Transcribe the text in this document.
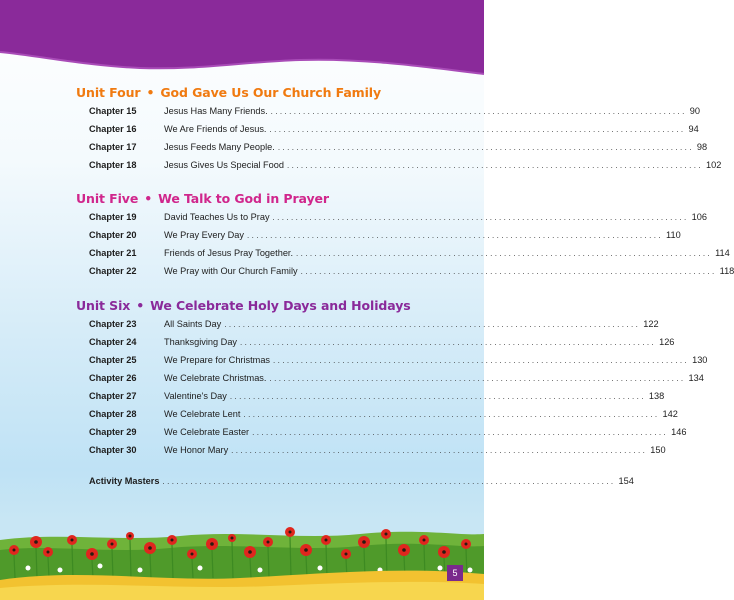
Unit Four • God Gave Us Our Church Family
Chapter 15	Jesus Has Many Friends. .......................................................................................... 90
Chapter 16	We Are Friends of Jesus. .......................................................................................... 94
Chapter 17	Jesus Feeds Many People. .......................................................................................... 98
Chapter 18	Jesus Gives Us Special Food .......................................................................................... 102
Unit Five • We Talk to God in Prayer
Chapter 19	David Teaches Us to Pray .......................................................................................... 106
Chapter 20	We Pray Every Day .......................................................................................... 110
Chapter 21	Friends of Jesus Pray Together. .......................................................................................... 114
Chapter 22	We Pray with Our Church Family .......................................................................................... 118
Unit Six • We Celebrate Holy Days and Holidays
Chapter 23	All Saints Day .......................................................................................... 122
Chapter 24	Thanksgiving Day .......................................................................................... 126
Chapter 25	We Prepare for Christmas .......................................................................................... 130
Chapter 26	We Celebrate Christmas. .......................................................................................... 134
Chapter 27	Valentine's Day .......................................................................................... 138
Chapter 28	We Celebrate Lent .......................................................................................... 142
Chapter 29	We Celebrate Easter .......................................................................................... 146
Chapter 30	We Honor Mary .......................................................................................... 150
Activity Masters .................................................................................................. 154
5
